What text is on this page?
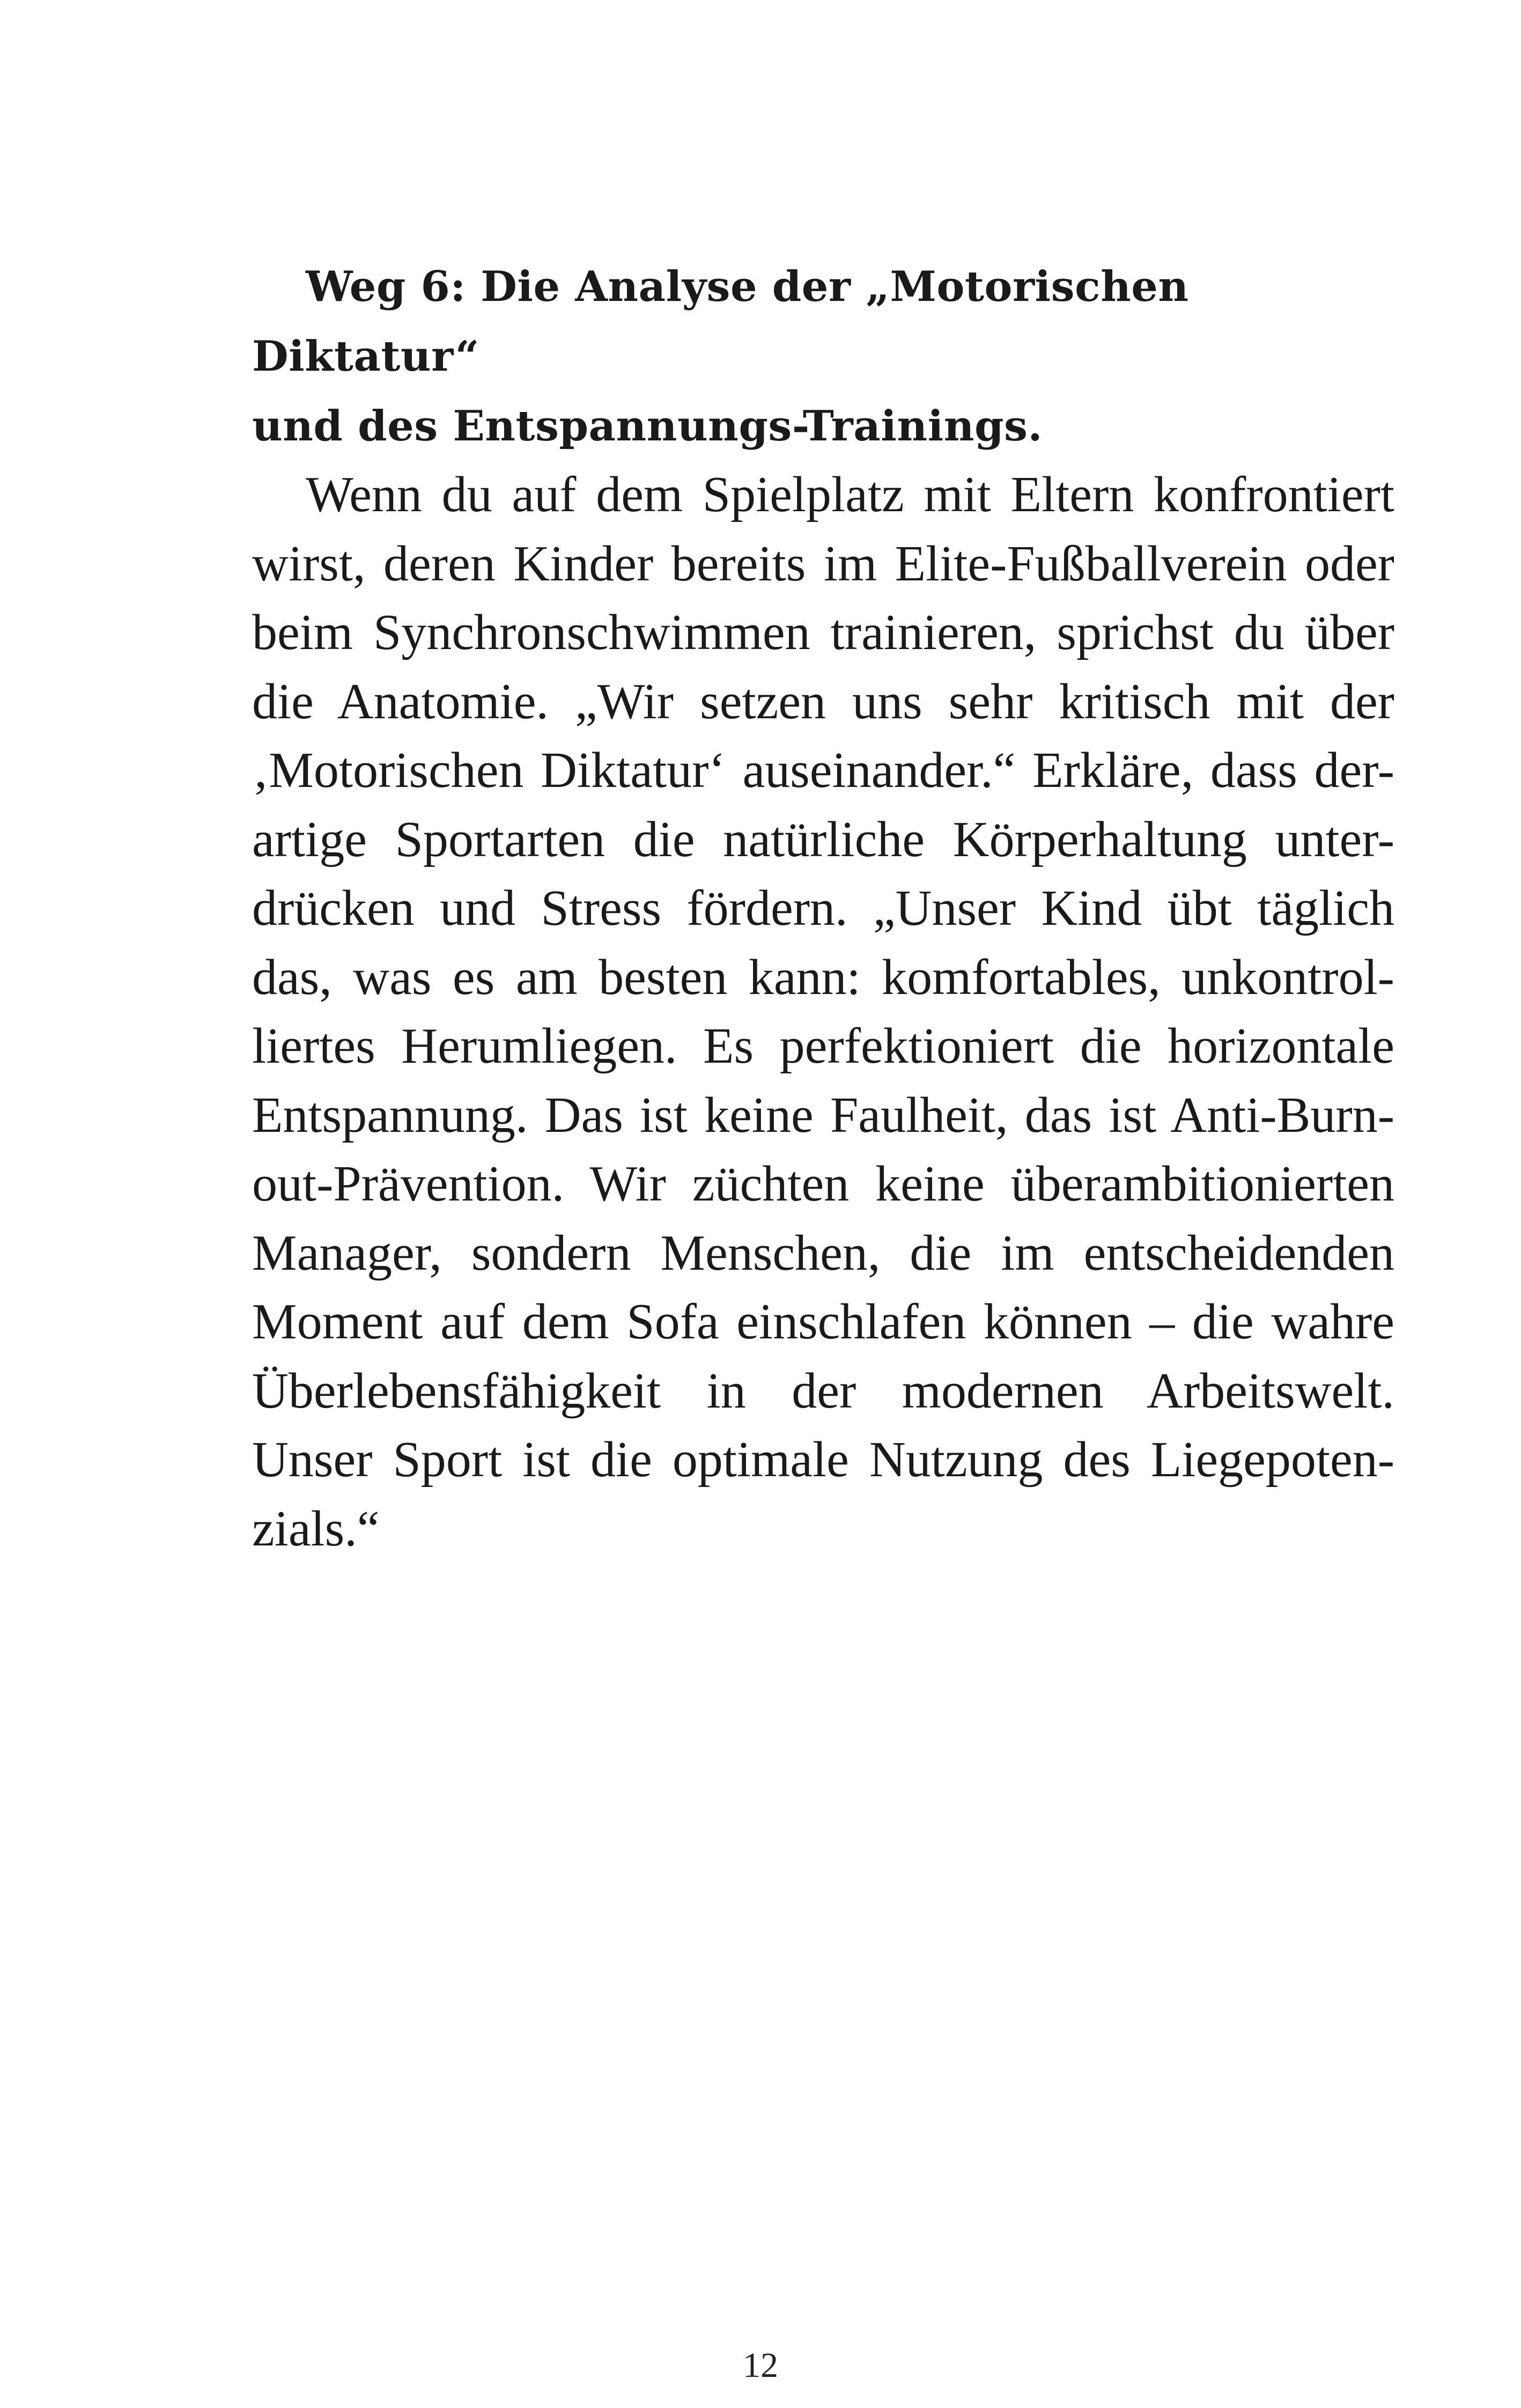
Weg 6: Die Analyse der „Motorischen Diktatur“
und des Entspannungs-Trainings.

Wenn du auf dem Spielplatz mit Eltern konfrontiert
wirst, deren Kinder bereits im Elite-Fußballverein oder
beim Synchronschwimmen trainieren, sprichst du über
die Anatomie. „Wir setzen uns sehr kritisch mit der
‚Motorischen Diktatur‘ auseinander.“ Erkläre, dass der-
artige Sportarten die natürliche Körperhaltung unter-
drücken und Stress fördern. „Unser Kind übt täglich
das, was es am besten kann: komfortables, unkontrol-
liertes Herumliegen. Es perfektioniert die horizontale
Entspannung. Das ist keine Faulheit, das ist Anti-Burn-
out-Prävention. Wir züchten keine überambitionierten
Manager, sondern Menschen, die im entscheidenden
Moment auf dem Sofa einschlafen können – die wahre
Überlebensfähigkeit in der modernen Arbeitswelt.
Unser Sport ist die optimale Nutzung des Liegepoten-
zials.“

12
